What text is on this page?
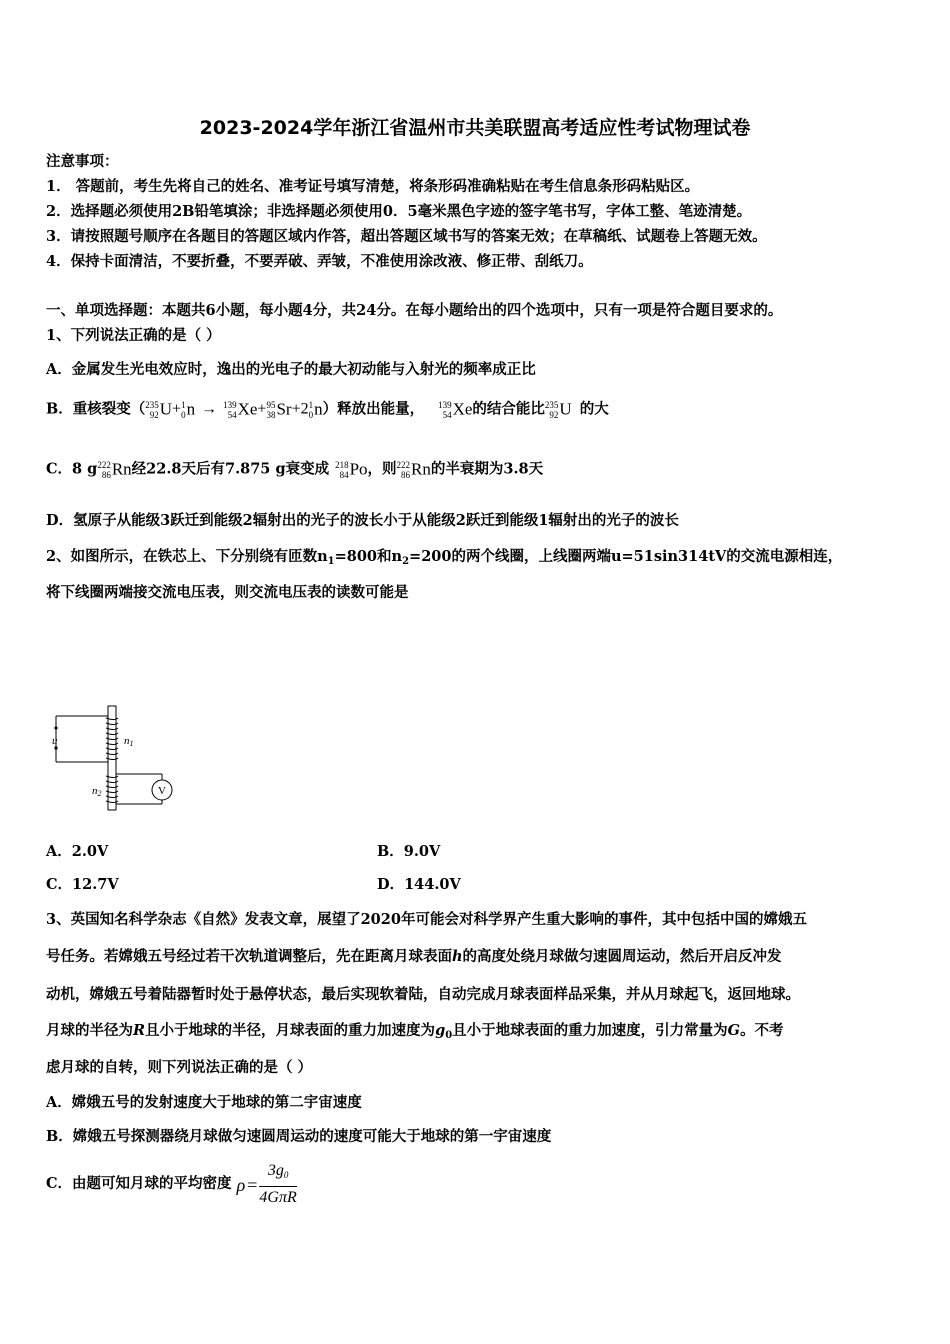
2023-2024学年浙江省温州市共美联盟高考适应性考试物理试卷
注意事项：
1． 答题前，考生先将自己的姓名、准考证号填写清楚，将条形码准确粘贴在考生信息条形码粘贴区。
2．选择题必须使用2B铅笔填涂；非选择题必须使用0．5毫米黑色字迹的签字笔书写，字体工整、笔迹清楚。
3．请按照题号顺序在各题目的答题区域内作答，超出答题区域书写的答案无效；在草稿纸、试题卷上答题无效。
4．保持卡面清洁，不要折叠，不要弄破、弄皱，不准使用涂改液、修正带、刮纸刀。
一、单项选择题：本题共6小题，每小题4分，共24分。在每小题给出的四个选项中，只有一项是符合题目要求的。
1、下列说法正确的是（ ）
A．金属发生光电效应时，逸出的光电子的最大初动能与入射光的频率成正比
B．重核裂变（235
92U+1
0n → 139
54Xe+95
38Sr+21
0n）释放出能量， 139
54Xe的结合能比235
92U 的大
C．8 g222
86Rn经22.8天后有7.875 g衰变成 218
84Po，则222
86Rn的半衰期为3.8天
D．氢原子从能级3跃迁到能级2辐射出的光子的波长小于从能级2跃迁到能级1辐射出的光子的波长
2、如图所示，在铁芯上、下分别绕有匝数$n_1=800$和$n_2=200$的两个线圈，上线圈两端u=51sin314tV的交流电源相连，
将下线圈两端接交流电压表，则交流电压表的读数可能是
u	n1
n2	V
A．2.0V	B．9.0V
C．12.7V	D．144.0V
3、英国知名科学杂志《自然》发表文章，展望了2020年可能会对科学界产生重大影响的事件，其中包括中国的嫦娥五
号任务。若嫦娥五号经过若干次轨道调整后，先在距离月球表面h的高度处绕月球做匀速圆周运动，然后开启反冲发
动机，嫦娥五号着陆器暂时处于悬停状态，最后实现软着陆，自动完成月球表面样品采集，并从月球起飞，返回地球。
月球的半径为R且小于地球的半径，月球表面的重力加速度为$g_0$且小于地球表面的重力加速度，引力常量为G。不考
虑月球的自转，则下列说法正确的是（ ）
A．嫦娥五号的发射速度大于地球的第二宇宙速度
B．嫦娥五号探测器绕月球做匀速圆周运动的速度可能大于地球的第一宇宙速度
C．由题可知月球的平均密度 $\rho = \frac{3g_0}{\text{4GπR}}$
